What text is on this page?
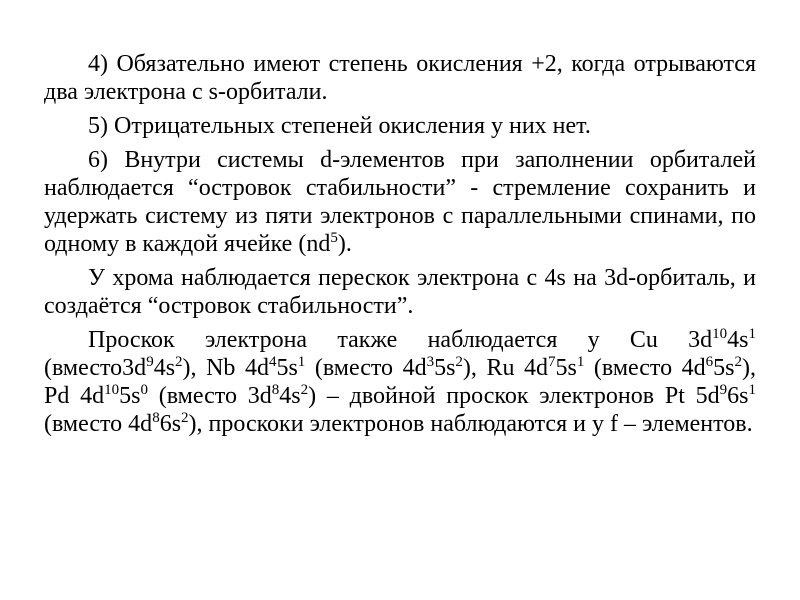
4) Обязательно имеют степень окисления +2, когда отрываются два электрона с s-орбитали.

5) Отрицательных степеней окисления у них нет.

6) Внутри системы d-элементов при заполнении орбиталей наблюдается “островок стабильности” - стремление сохранить и удержать систему из пяти электронов с параллельными спинами, по одному в каждой ячейке $(nd^5)$.

У хрома наблюдается перескок электрона с 4s на 3d-орбиталь, и создаётся “островок стабильности”.

Проскок электрона также наблюдается у Cu $3d^{10}4s^1$ $(вместо3d^94s^2)$, Nb $4d^45s^1$ (вместо $4d^35s^2$), Ru $4d^75s^1$ (вместо $4d^65s^2$), Pd $4d^{10}5s^0$ (вместо $3d^84s^2$) – двойной проскок электронов Pt $5d^96s^1$ (вместо $4d^86s^2$), проскоки электронов наблюдаются и у f – элементов.
